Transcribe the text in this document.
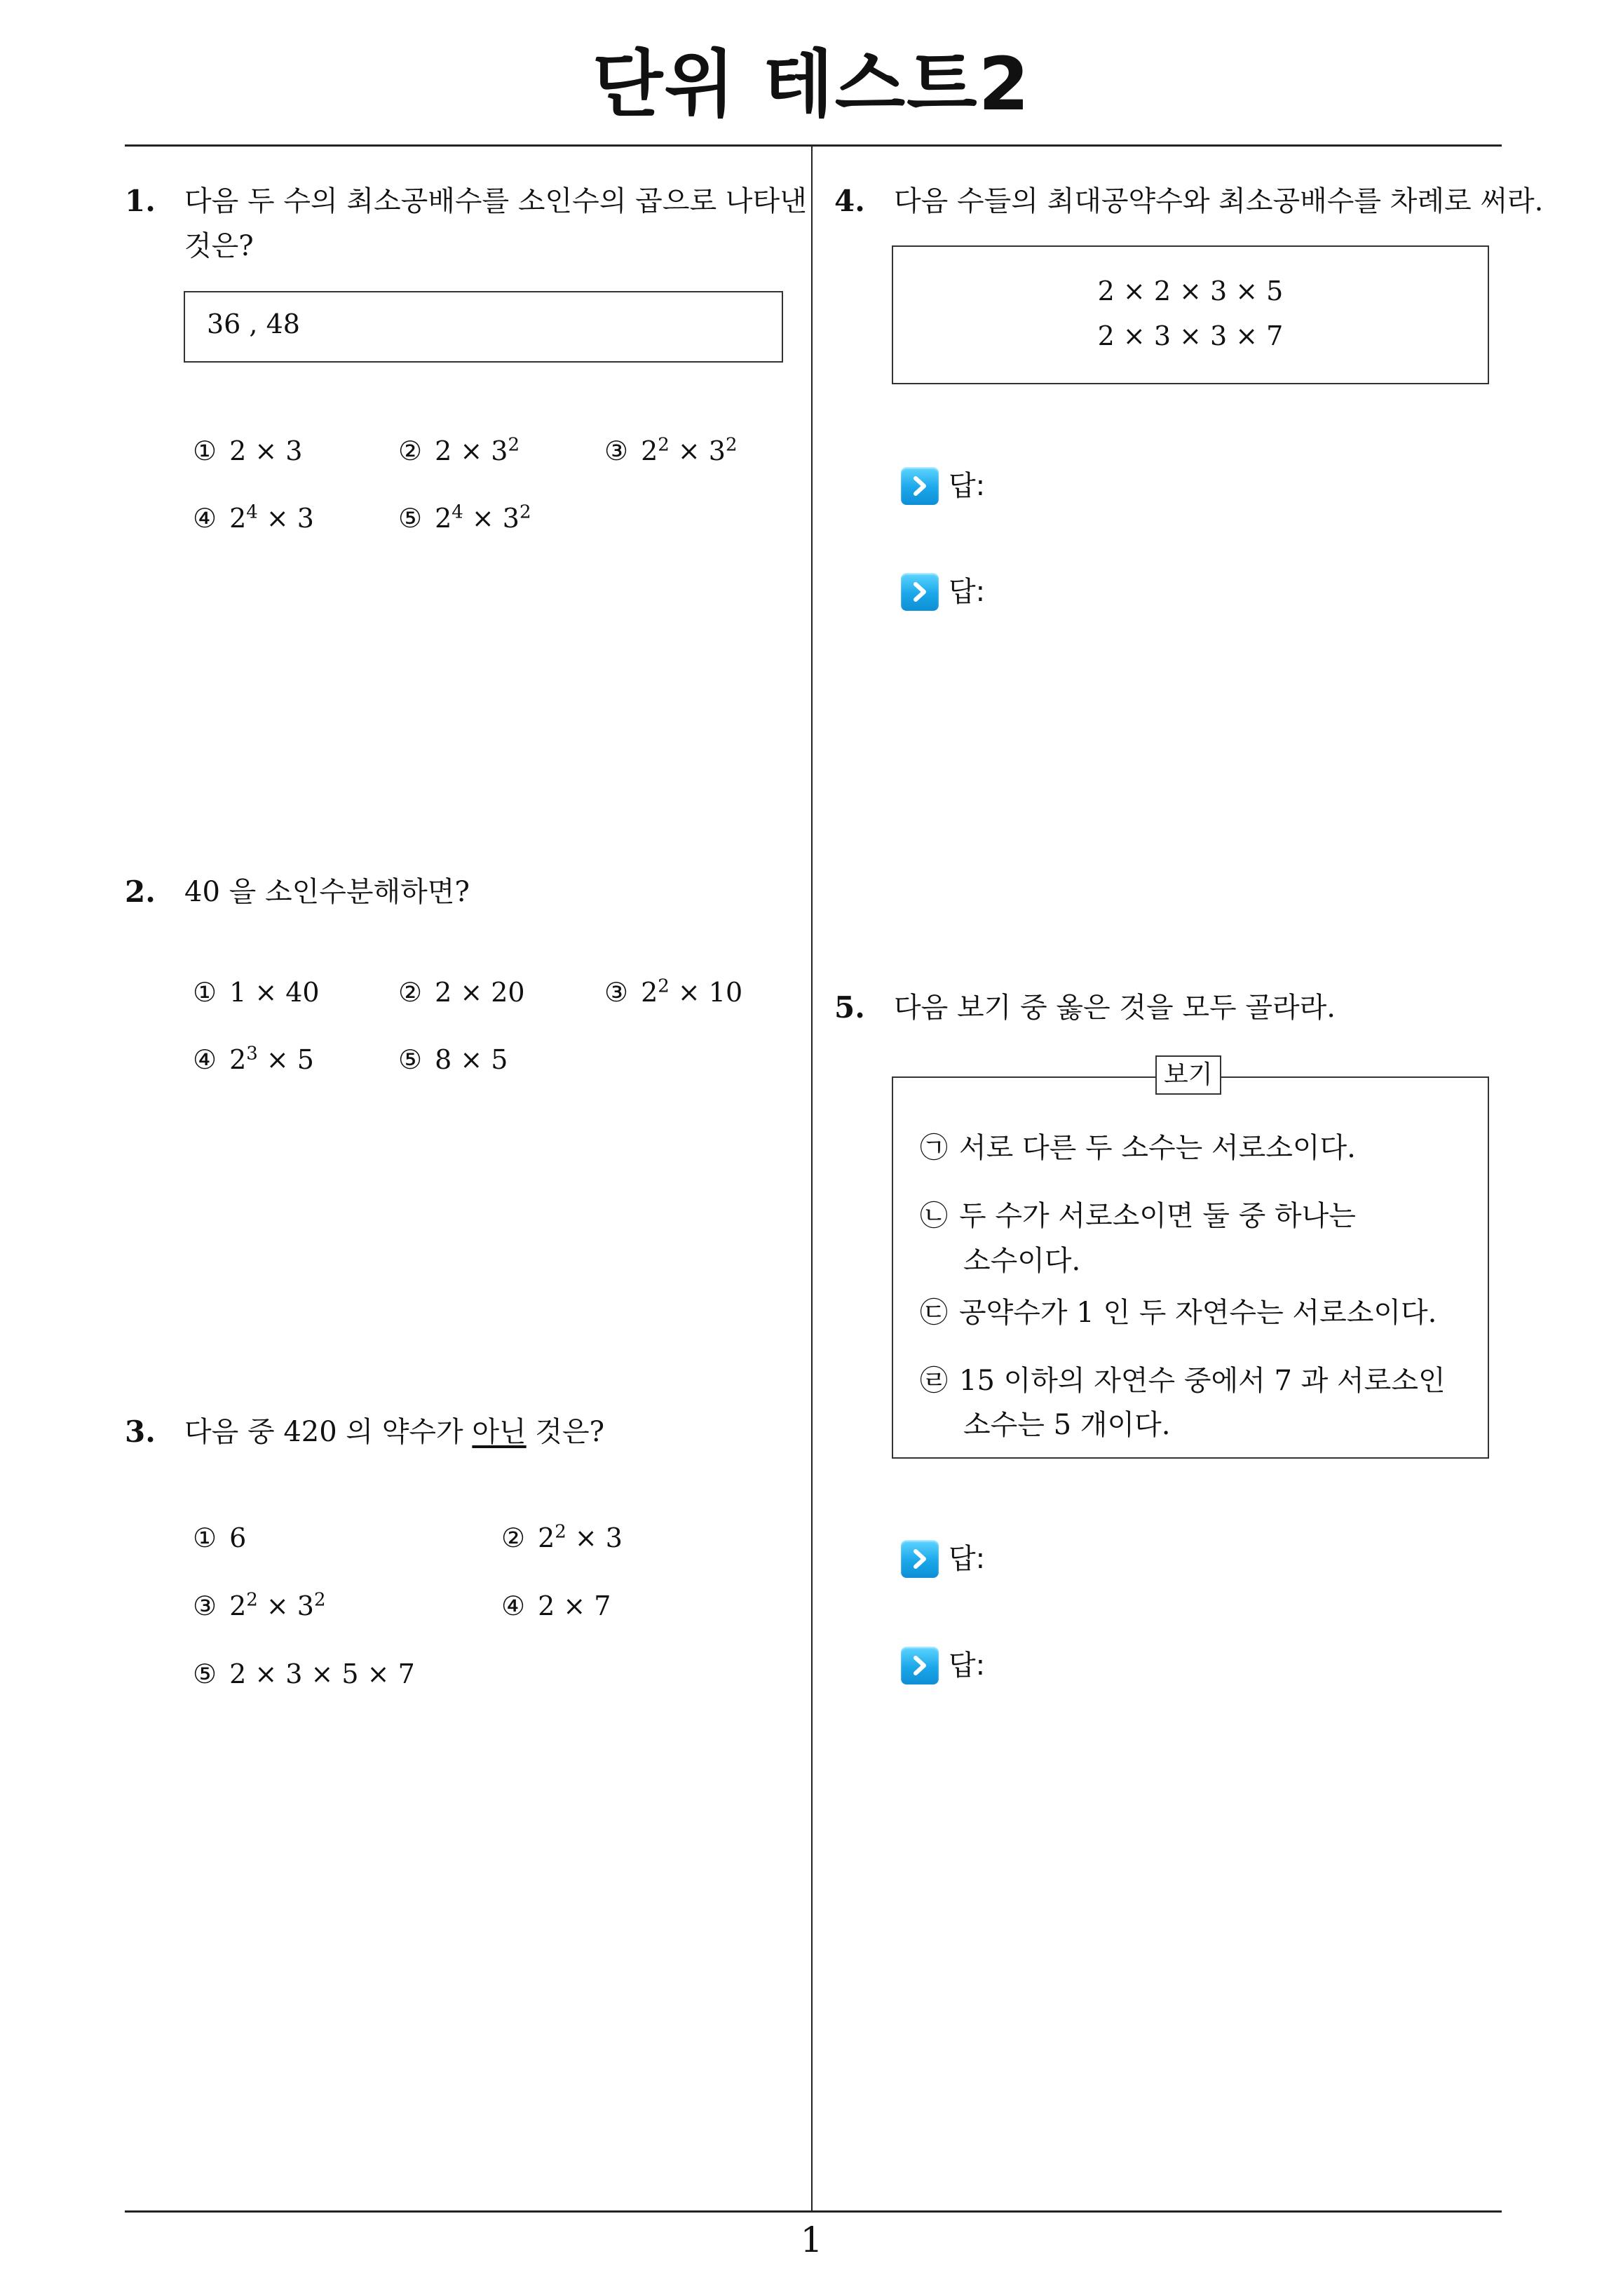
단위 테스트2
1
1. 다음 두 수의 최소공배수를 소인수의 곱으로 나타낸
것은?
36 , 48
① 2 × 3	② $2 \times 3^2$	③ $2^2 \times 3^2$
④ $2^4 \times 3$	⑤ $2^4 \times 3^2$
2. 40 을 소인수분해하면?
① 1 × 40	② 2 × 20	③ $2^2 \times 10$
④ $2^3 \times 5$	⑤ 8 × 5
3. 다음 중 420 의 약수가 아닌 것은?
① 6	② $2^2 \times 3$
③ $2^2 \times 3^2$	④ 2 × 7
⑤ 2 × 3 × 5 × 7
4. 다음 수들의 최대공약수와 최소공배수를 차례로 써라.
2 × 2 × 3 × 5
2 × 3 × 3 × 7
답:
답:
5. 다음 보기 중 옳은 것을 모두 골라라.
보기
㉠ 서로 다른 두 소수는 서로소이다.
㉡ 두 수가 서로소이면 둘 중 하나는
소수이다.
㉢ 공약수가 1 인 두 자연수는 서로소이다.
㉣ 15 이하의 자연수 중에서 7 과 서로소인
소수는 5 개이다.
답:
답:
